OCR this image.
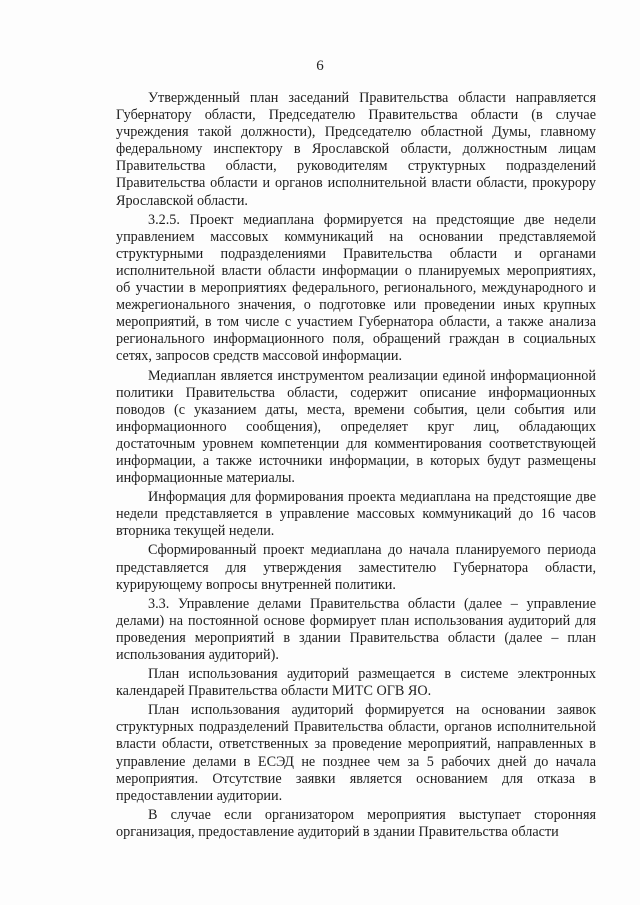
6

Утвержденный план заседаний Правительства области направляется Губернатору области, Председателю Правительства области (в случае учреждения такой должности), Председателю областной Думы, главному федеральному инспектору в Ярославской области, должностным лицам Правительства области, руководителям структурных подразделений Правительства области и органов исполнительной власти области, прокурору Ярославской области.

3.2.5. Проект медиаплана формируется на предстоящие две недели управлением массовых коммуникаций на основании представляемой структурными подразделениями Правительства области и органами исполнительной власти области информации о планируемых мероприятиях, об участии в мероприятиях федерального, регионального, международного и межрегионального значения, о подготовке или проведении иных крупных мероприятий, в том числе с участием Губернатора области, а также анализа регионального информационного поля, обращений граждан в социальных сетях, запросов средств массовой информации.

Медиаплан является инструментом реализации единой информационной политики Правительства области, содержит описание информационных поводов (с указанием даты, места, времени события, цели события или информационного сообщения), определяет круг лиц, обладающих достаточным уровнем компетенции для комментирования соответствующей информации, а также источники информации, в которых будут размещены информационные материалы.

Информация для формирования проекта медиаплана на предстоящие две недели представляется в управление массовых коммуникаций до 16 часов вторника текущей недели.

Сформированный проект медиаплана до начала планируемого периода представляется для утверждения заместителю Губернатора области, курирующему вопросы внутренней политики.

3.3. Управление делами Правительства области (далее – управление делами) на постоянной основе формирует план использования аудиторий для проведения мероприятий в здании Правительства области (далее – план использования аудиторий).

План использования аудиторий размещается в системе электронных календарей Правительства области МИТС ОГВ ЯО.

План использования аудиторий формируется на основании заявок структурных подразделений Правительства области, органов исполнительной власти области, ответственных за проведение мероприятий, направленных в управление делами в ЕСЭД не позднее чем за 5 рабочих дней до начала мероприятия. Отсутствие заявки является основанием для отказа в предоставлении аудитории.

В случае если организатором мероприятия выступает сторонняя организация, предоставление аудиторий в здании Правительства области
